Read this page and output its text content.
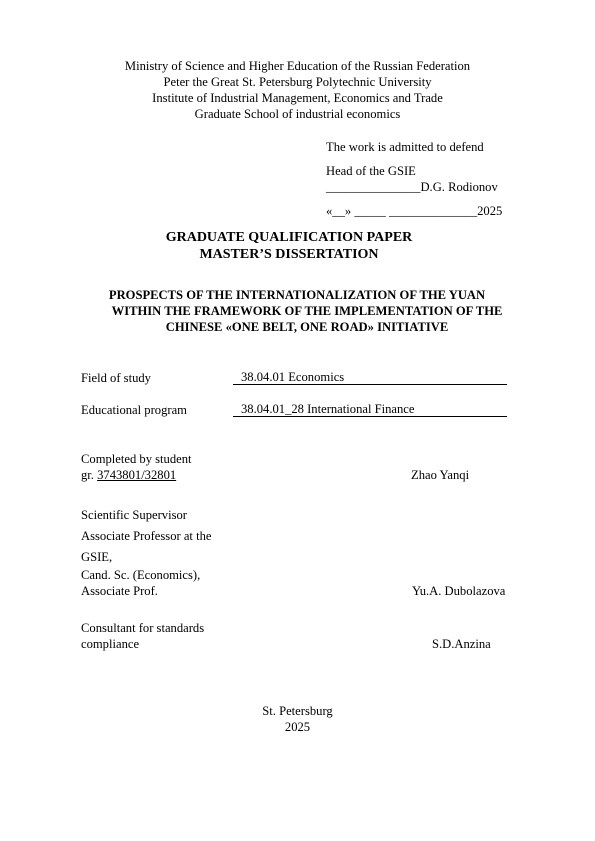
Ministry of Science and Higher Education of the Russian Federation
Peter the Great St. Petersburg Polytechnic University
Institute of Industrial Management, Economics and Trade
Graduate School of industrial economics
The work is admitted to defend
Head of the GSIE
_______________D.G. Rodionov
«__» _____ ______________2025
GRADUATE QUALIFICATION PAPER
MASTER’S DISSERTATION
PROSPECTS OF THE INTERNATIONALIZATION OF THE YUAN
WITHIN THE FRAMEWORK OF THE IMPLEMENTATION OF THE
CHINESE «ONE BELT, ONE ROAD» INITIATIVE
Field of study	38.04.01 Economics
Educational program	38.04.01_28 International Finance
Completed by student
gr. 3743801/32801	Zhao Yanqi
Scientific Supervisor
Associate Professor at the
GSIE,
Cand. Sc. (Economics),
Associate Prof.	Yu.A. Dubolazova
Consultant for standards
compliance	S.D.Anzina
St. Petersburg
2025
